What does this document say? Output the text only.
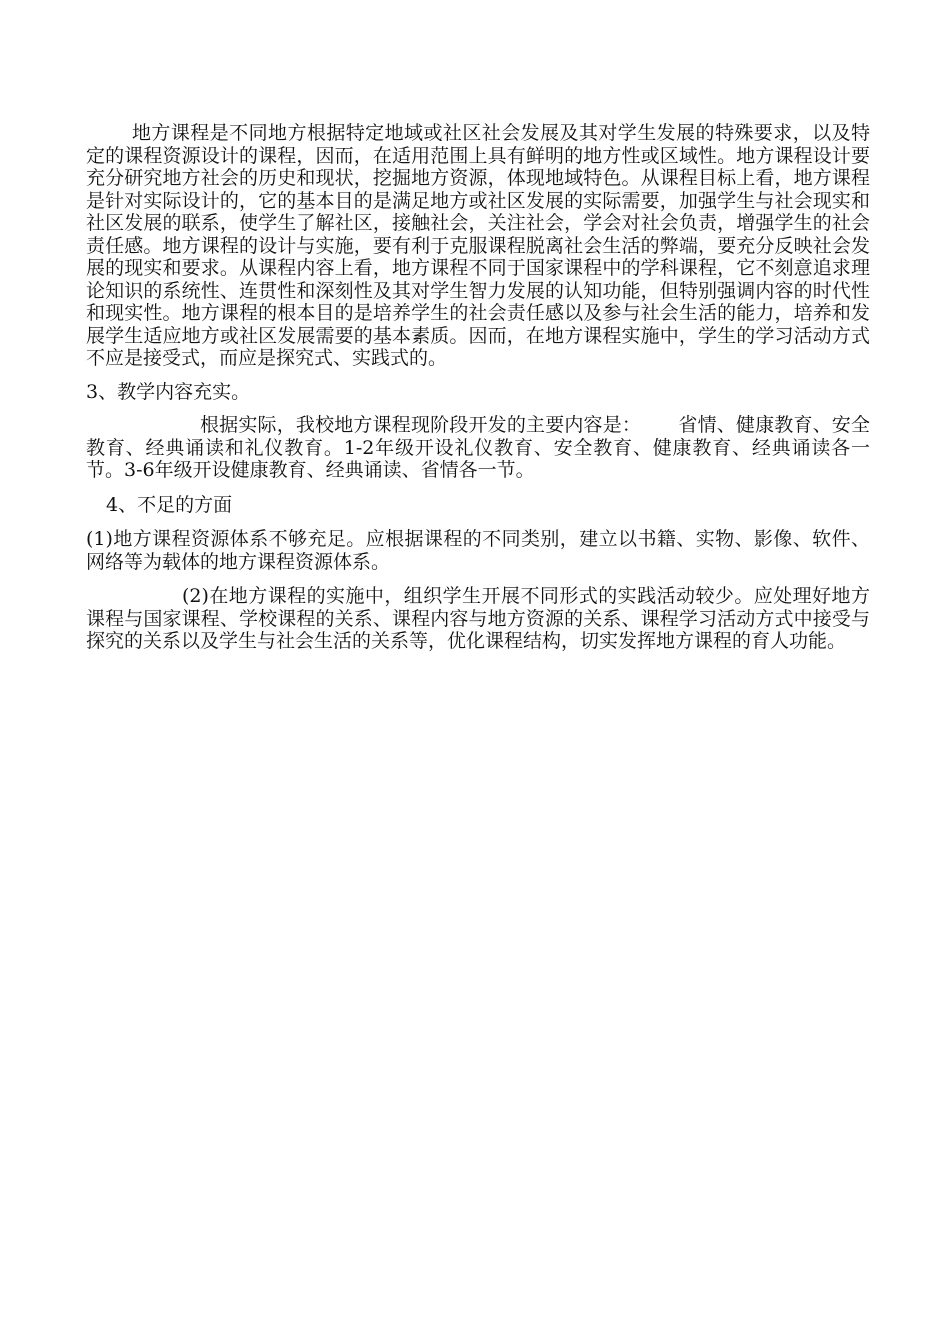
地方课程是不同地方根据特定地域或社区社会发展及其对学生发展的特殊要求，以及特定的课程资源设计的课程，因而，在适用范围上具有鲜明的地方性或区域性。地方课程设计要充分研究地方社会的历史和现状，挖掘地方资源，体现地域特色。从课程目标上看，地方课程是针对实际设计的，它的基本目的是满足地方或社区发展的实际需要，加强学生与社会现实和社区发展的联系，使学生了解社区，接触社会，关注社会，学会对社会负责，增强学生的社会责任感。地方课程的设计与实施，要有利于克服课程脱离社会生活的弊端，要充分反映社会发展的现实和要求。从课程内容上看，地方课程不同于国家课程中的学科课程，它不刻意追求理论知识的系统性、连贯性和深刻性及其对学生智力发展的认知功能，但特别强调内容的时代性和现实性。地方课程的根本目的是培养学生的社会责任感以及参与社会生活的能力，培养和发展学生适应地方或社区发展需要的基本素质。因而，在地方课程实施中，学生的学习活动方式不应是接受式，而应是探究式、实践式的。

3、教学内容充实。

根据实际，我校地方课程现阶段开发的主要内容是：      省情、健康教育、安全教育、经典诵读和礼仪教育。1-2年级开设礼仪教育、安全教育、健康教育、经典诵读各一节。3-6年级开设健康教育、经典诵读、省情各一节。

4、不足的方面

(1)地方课程资源体系不够充足。应根据课程的不同类别，建立以书籍、实物、影像、软件、网络等为载体的地方课程资源体系。

(2)在地方课程的实施中，组织学生开展不同形式的实践活动较少。应处理好地方课程与国家课程、学校课程的关系、课程内容与地方资源的关系、课程学习活动方式中接受与探究的关系以及学生与社会生活的关系等，优化课程结构，切实发挥地方课程的育人功能。
